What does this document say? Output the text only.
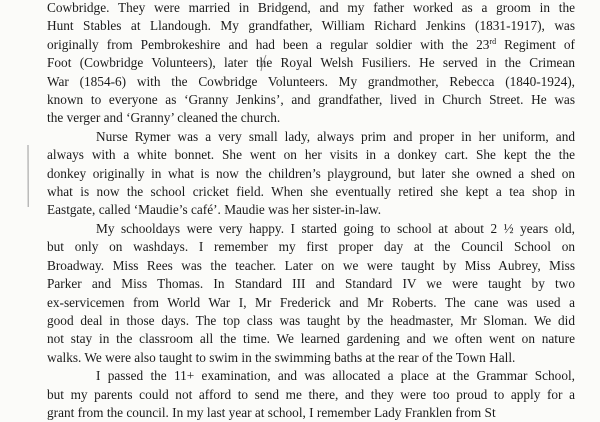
Cowbridge. They were married in Bridgend, and my father worked as a groom in the
Hunt Stables at Llandough. My grandfather, William Richard Jenkins (1831-1917), was
originally from Pembrokeshire and had been a regular soldier with the 23rd Regiment of
Foot (Cowbridge Volunteers), later the Royal Welsh Fusiliers. He served in the Crimean
War (1854-6) with the Cowbridge Volunteers. My grandmother, Rebecca (1840-1924),
known to everyone as ‘Granny Jenkins’, and grandfather, lived in Church Street. He was
the verger and ‘Granny’ cleaned the church.
Nurse Rymer was a very small lady, always prim and proper in her uniform, and
always with a white bonnet. She went on her visits in a donkey cart. She kept the the
donkey originally in what is now the children’s playground, but later she owned a shed on
what is now the school cricket field. When she eventually retired she kept a tea shop in
Eastgate, called ‘Maudie’s café’. Maudie was her sister-in-law.
My schooldays were very happy. I started going to school at about 2 ½ years old,
but only on washdays. I remember my first proper day at the Council School on
Broadway. Miss Rees was the teacher. Later on we were taught by Miss Aubrey, Miss
Parker and Miss Thomas. In Standard III and Standard IV we were taught by two
ex-servicemen from World War I, Mr Frederick and Mr Roberts. The cane was used a
good deal in those days. The top class was taught by the headmaster, Mr Sloman. We did
not stay in the classroom all the time. We learned gardening and we often went on nature
walks. We were also taught to swim in the swimming baths at the rear of the Town Hall.
I passed the 11+ examination, and was allocated a place at the Grammar School,
but my parents could not afford to send me there, and they were too proud to apply for a
grant from the council. In my last year at school, I remember Lady Franklen from St
